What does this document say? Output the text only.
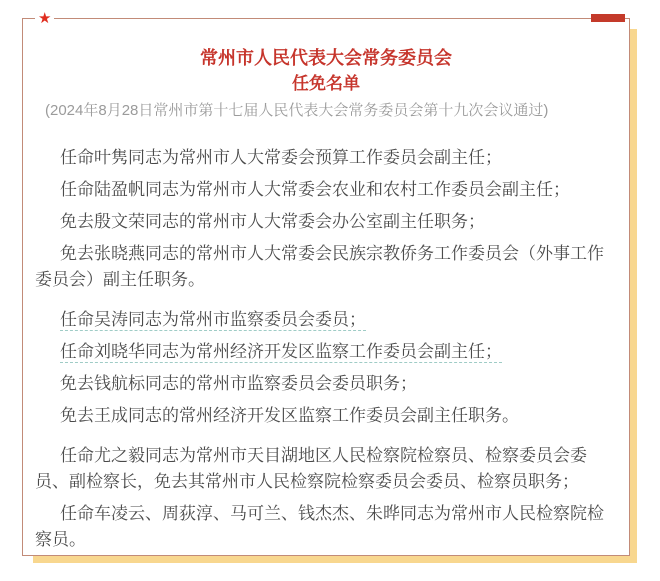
★
常州市人民代表大会常务委员会
任免名单

(2024年8月28日常州市第十七届人民代表大会常务委员会第十九次会议通过)

任命叶隽同志为常州市人大常委会预算工作委员会副主任；

任命陆盈帆同志为常州市人大常委会农业和农村工作委员会副主任；

免去殷文荣同志的常州市人大常委会办公室副主任职务；

免去张晓燕同志的常州市人大常委会民族宗教侨务工作委员会（外事工作委员会）副主任职务。

任命吴涛同志为常州市监察委员会委员；

任命刘晓华同志为常州经济开发区监察工作委员会副主任；

免去钱航标同志的常州市监察委员会委员职务；

免去王成同志的常州经济开发区监察工作委员会副主任职务。

任命尤之毅同志为常州市天目湖地区人民检察院检察员、检察委员会委员、副检察长，免去其常州市人民检察院检察委员会委员、检察员职务；

任命车凌云、周荻淳、马可兰、钱杰杰、朱晔同志为常州市人民检察院检察员。
